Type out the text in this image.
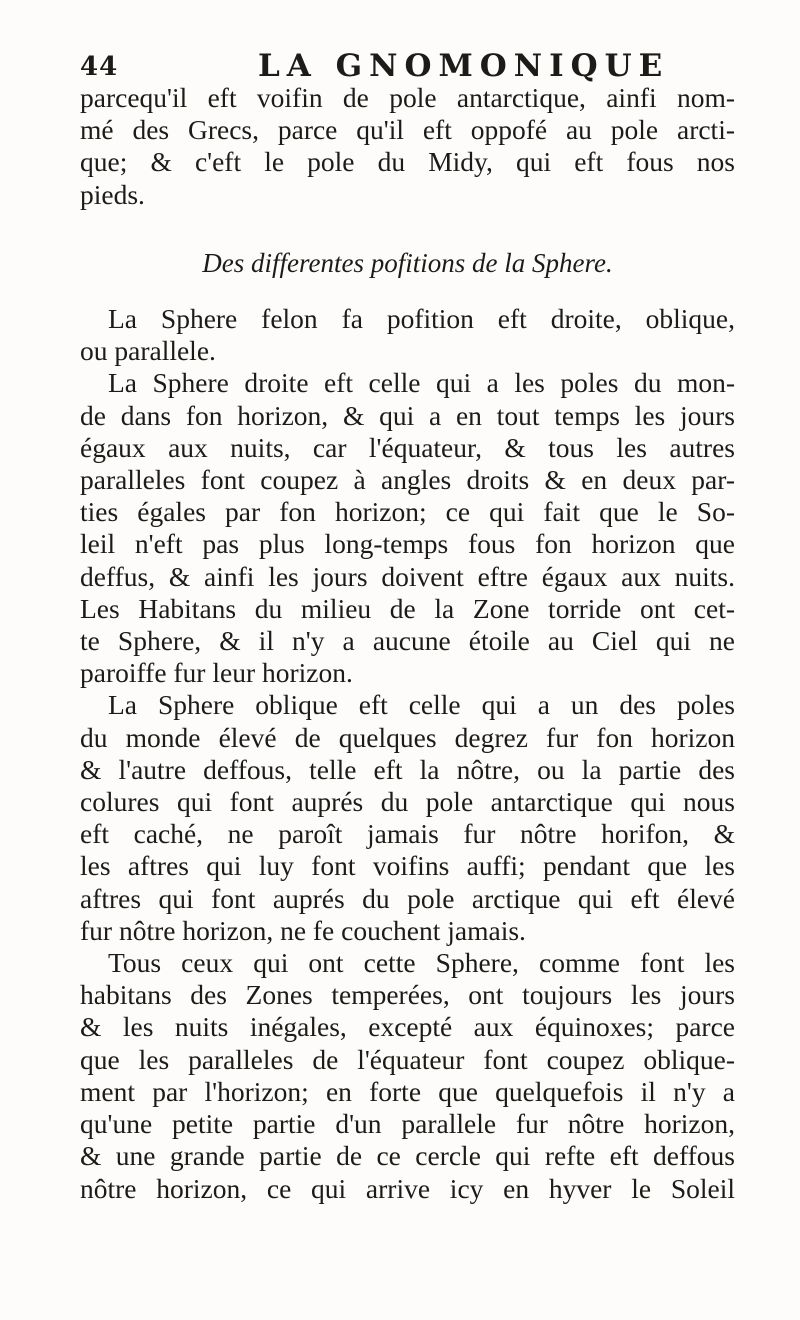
44	LA GNOMONIQUE
parcequ'il eft voifin de pole antarctique, ainfi nom-
mé des Grecs, parce qu'il eft oppofé au pole arcti-
que; & c'eft le pole du Midy, qui eft fous nos
pieds.
Des differentes pofitions de la Sphere.
La Sphere felon fa pofition eft droite, oblique,
ou parallele.
La Sphere droite eft celle qui a les poles du mon-
de dans fon horizon, & qui a en tout temps les jours
égaux aux nuits, car l'équateur, & tous les autres
paralleles font coupez à angles droits & en deux par-
ties égales par fon horizon; ce qui fait que le So-
leil n'eft pas plus long-temps fous fon horizon que
deffus, & ainfi les jours doivent eftre égaux aux nuits.
Les Habitans du milieu de la Zone torride ont cet-
te Sphere, & il n'y a aucune étoile au Ciel qui ne
paroiffe fur leur horizon.
La Sphere oblique eft celle qui a un des poles
du monde élevé de quelques degrez fur fon horizon
& l'autre deffous, telle eft la nôtre, ou la partie des
colures qui font auprés du pole antarctique qui nous
eft caché, ne paroît jamais fur nôtre horifon, &
les aftres qui luy font voifins auffi; pendant que les
aftres qui font auprés du pole arctique qui eft élevé
fur nôtre horizon, ne fe couchent jamais.
Tous ceux qui ont cette Sphere, comme font les
habitans des Zones temperées, ont toujours les jours
& les nuits inégales, excepté aux équinoxes; parce
que les paralleles de l'équateur font coupez oblique-
ment par l'horizon; en forte que quelquefois il n'y a
qu'une petite partie d'un parallele fur nôtre horizon,
& une grande partie de ce cercle qui refte eft deffous
nôtre horizon, ce qui arrive icy en hyver le Soleil
